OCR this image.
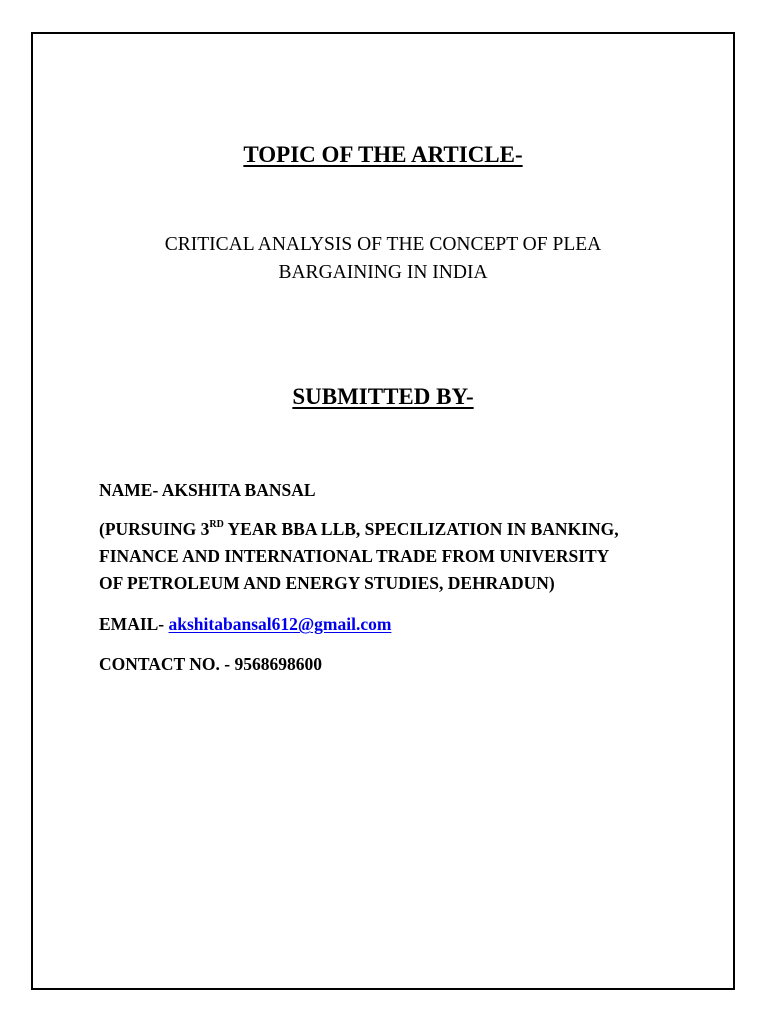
TOPIC OF THE ARTICLE-
CRITICAL ANALYSIS OF THE CONCEPT OF PLEA
BARGAINING IN INDIA
SUBMITTED BY-
NAME- AKSHITA BANSAL
(PURSUING 3RD YEAR BBA LLB, SPECILIZATION IN BANKING,
FINANCE AND INTERNATIONAL TRADE FROM UNIVERSITY
OF PETROLEUM AND ENERGY STUDIES, DEHRADUN)
EMAIL- akshitabansal612@gmail.com
CONTACT NO. - 9568698600
